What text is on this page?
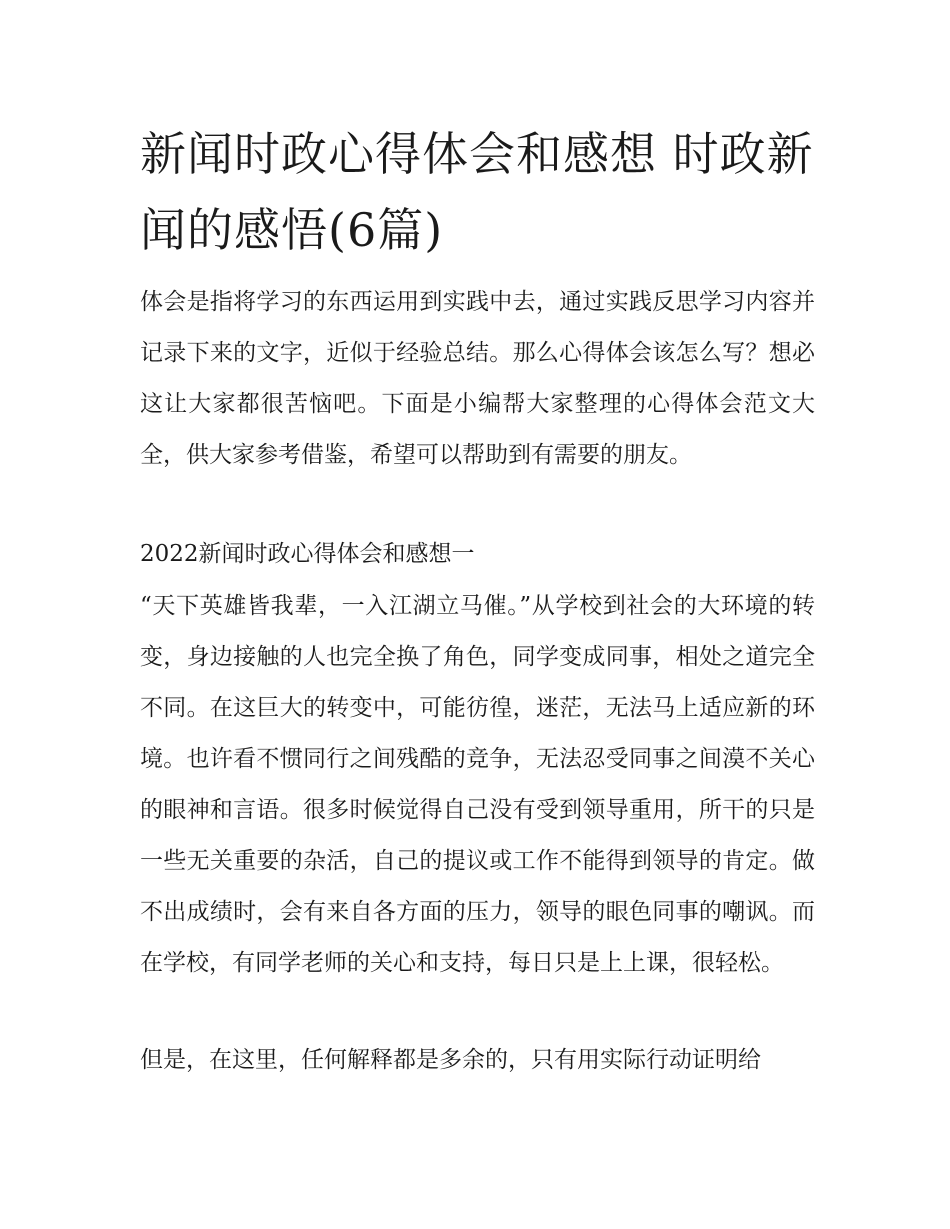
新闻时政心得体会和感想 时政新闻的感悟(6篇)

体会是指将学习的东西运用到实践中去，通过实践反思学习内容并记录下来的文字，近似于经验总结。那么心得体会该怎么写？想必这让大家都很苦恼吧。下面是小编帮大家整理的心得体会范文大全，供大家参考借鉴，希望可以帮助到有需要的朋友。

2022新闻时政心得体会和感想一

“天下英雄皆我辈，一入江湖立马催。”从学校到社会的大环境的转变，身边接触的人也完全换了角色，同学变成同事，相处之道完全不同。在这巨大的转变中，可能彷徨，迷茫，无法马上适应新的环境。也许看不惯同行之间残酷的竞争，无法忍受同事之间漠不关心的眼神和言语。很多时候觉得自己没有受到领导重用，所干的只是一些无关重要的杂活，自己的提议或工作不能得到领导的肯定。做不出成绩时，会有来自各方面的压力，领导的眼色同事的嘲讽。而在学校，有同学老师的关心和支持，每日只是上上课，很轻松。

但是，在这里，任何解释都是多余的，只有用实际行动证明给
